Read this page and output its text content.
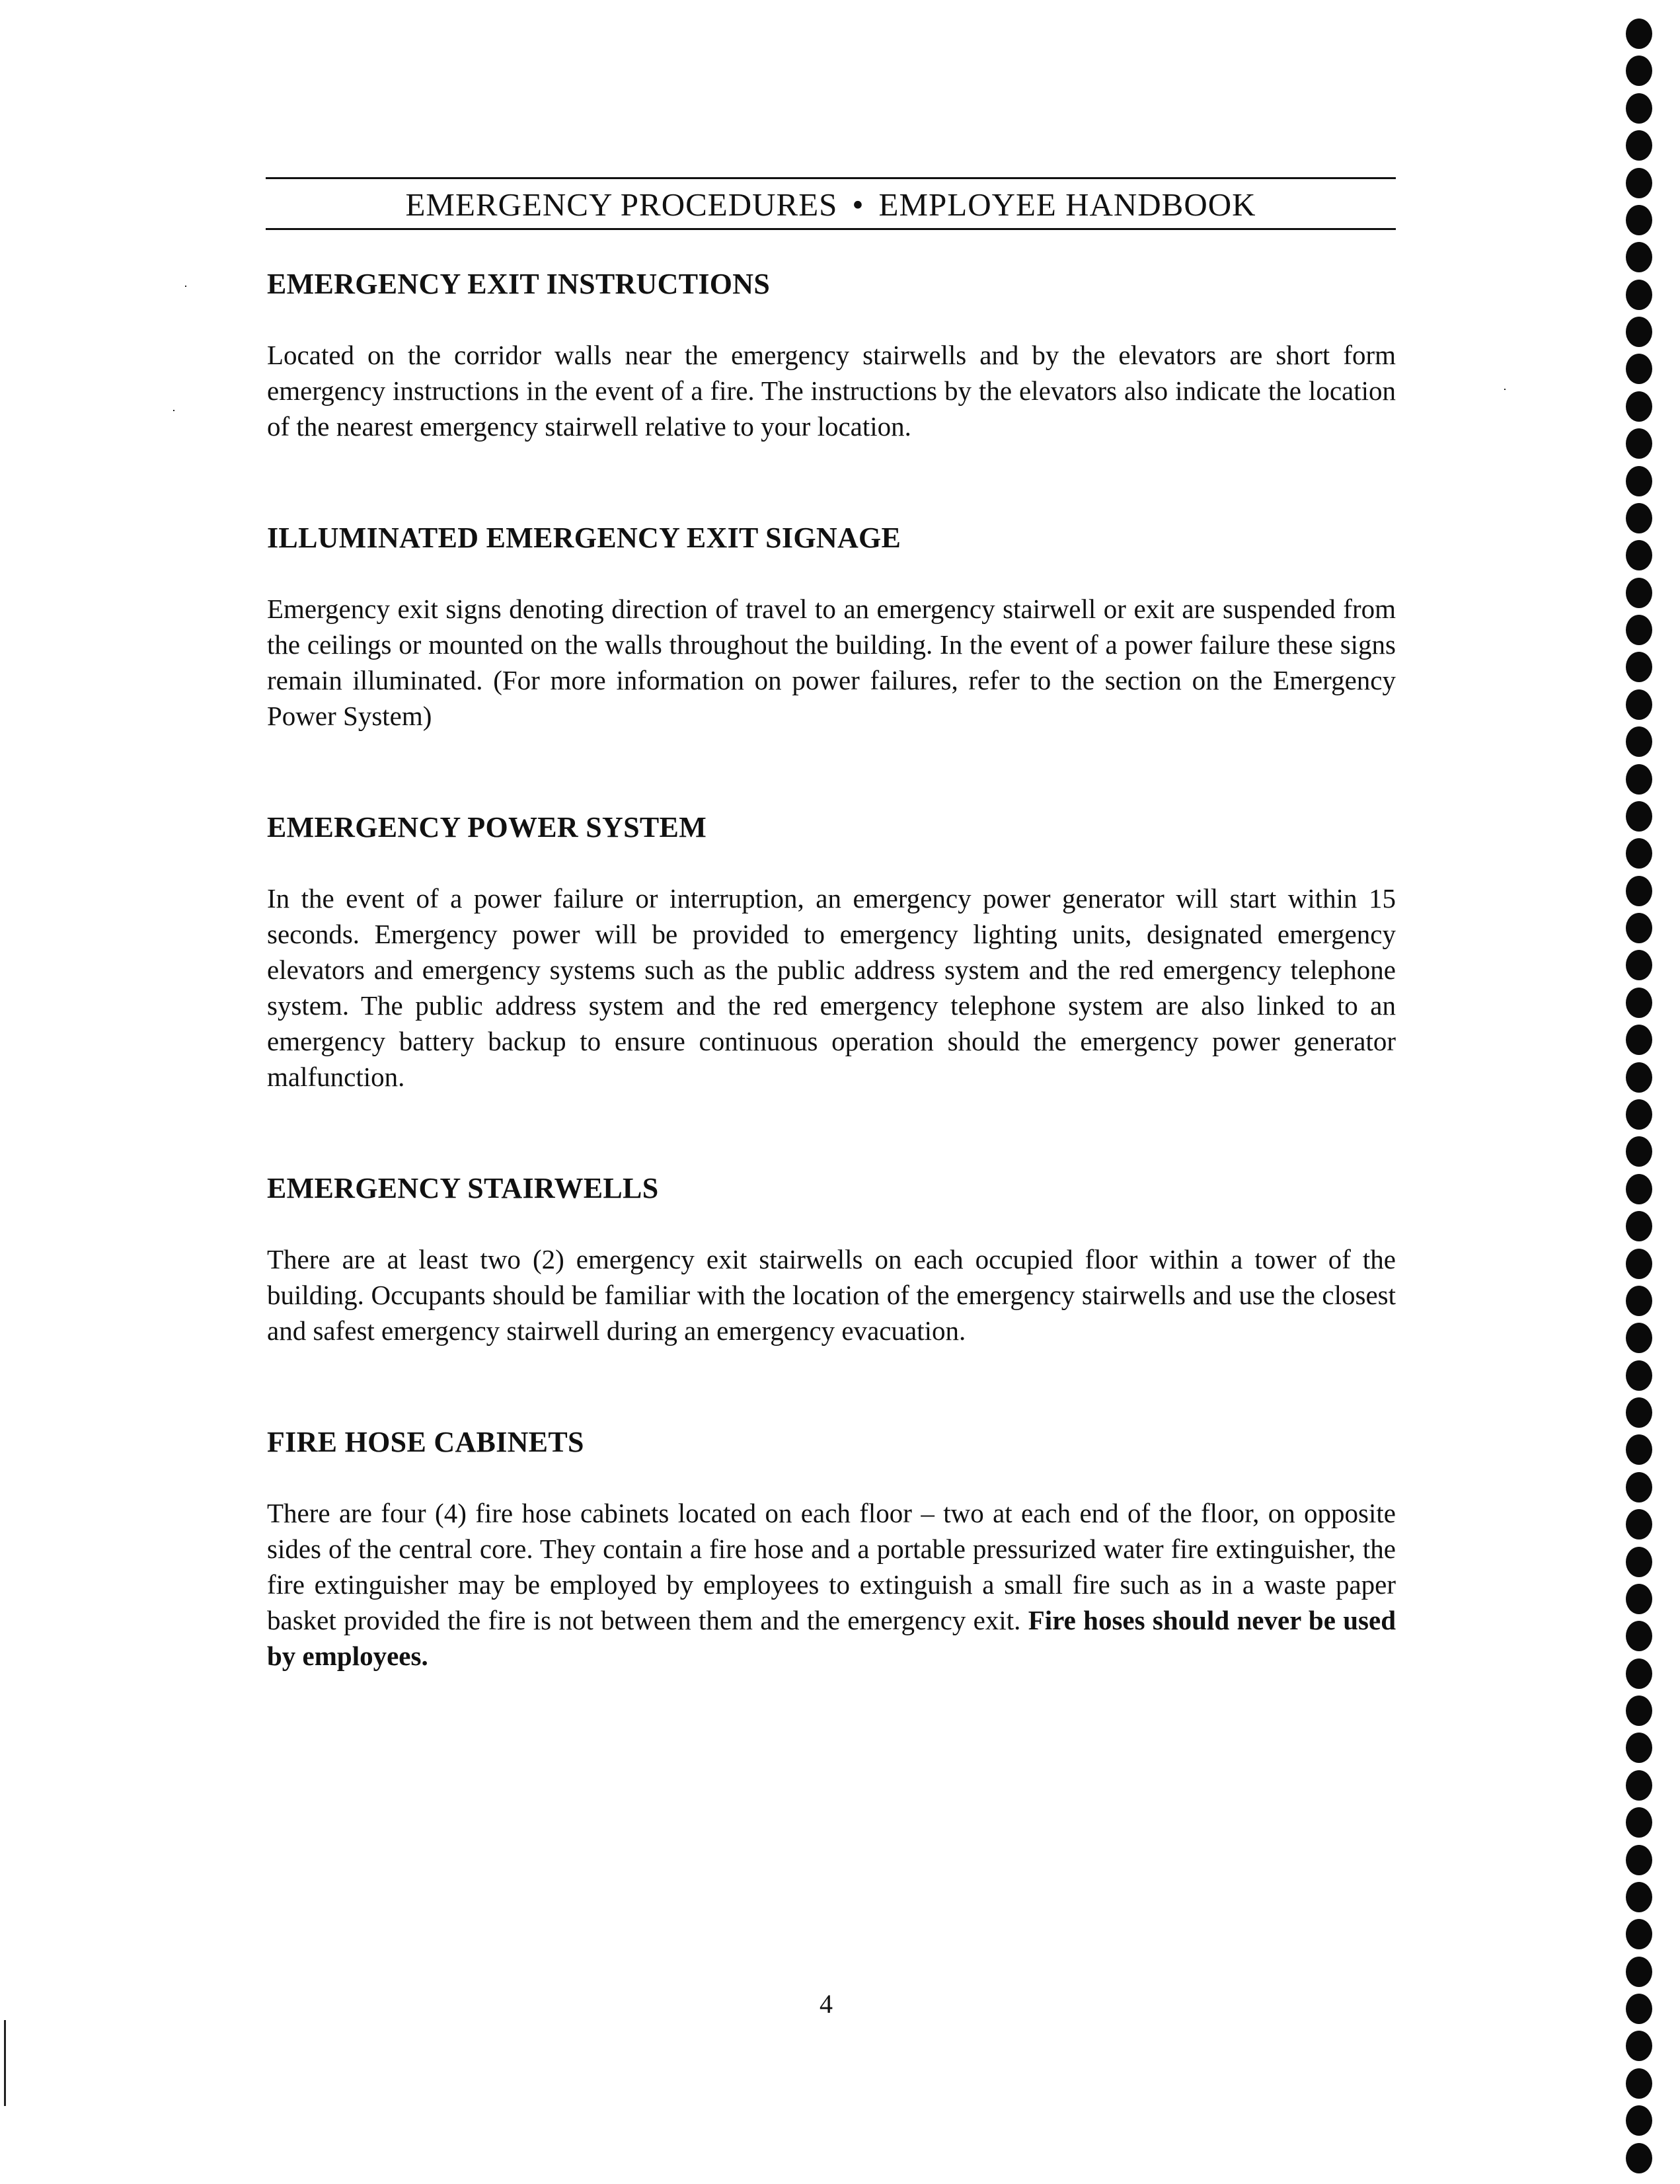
EMERGENCY PROCEDURES • EMPLOYEE HANDBOOK
EMERGENCY EXIT INSTRUCTIONS

Located on the corridor walls near the emergency stairwells and by the elevators are short form emergency instructions in the event of a fire. The instructions by the elevators also indicate the location of the nearest emergency stairwell relative to your location.

ILLUMINATED EMERGENCY EXIT SIGNAGE

Emergency exit signs denoting direction of travel to an emergency stairwell or exit are suspended from the ceilings or mounted on the walls throughout the building. In the event of a power failure these signs remain illuminated. (For more information on power failures, refer to the section on the Emergency Power System)

EMERGENCY POWER SYSTEM

In the event of a power failure or interruption, an emergency power generator will start within 15 seconds. Emergency power will be provided to emergency lighting units, designated emergency elevators and emergency systems such as the public address system and the red emergency telephone system. The public address system and the red emergency telephone system are also linked to an emergency battery backup to ensure continuous operation should the emergency power generator malfunction.

EMERGENCY STAIRWELLS

There are at least two (2) emergency exit stairwells on each occupied floor within a tower of the building. Occupants should be familiar with the location of the emergency stairwells and use the closest and safest emergency stairwell during an emergency evacuation.

FIRE HOSE CABINETS

There are four (4) fire hose cabinets located on each floor – two at each end of the floor, on opposite sides of the central core. They contain a fire hose and a portable pressurized water fire extinguisher, the fire extinguisher may be employed by employees to extinguish a small fire such as in a waste paper basket provided the fire is not between them and the emergency exit. Fire hoses should never be used by employees.

4
